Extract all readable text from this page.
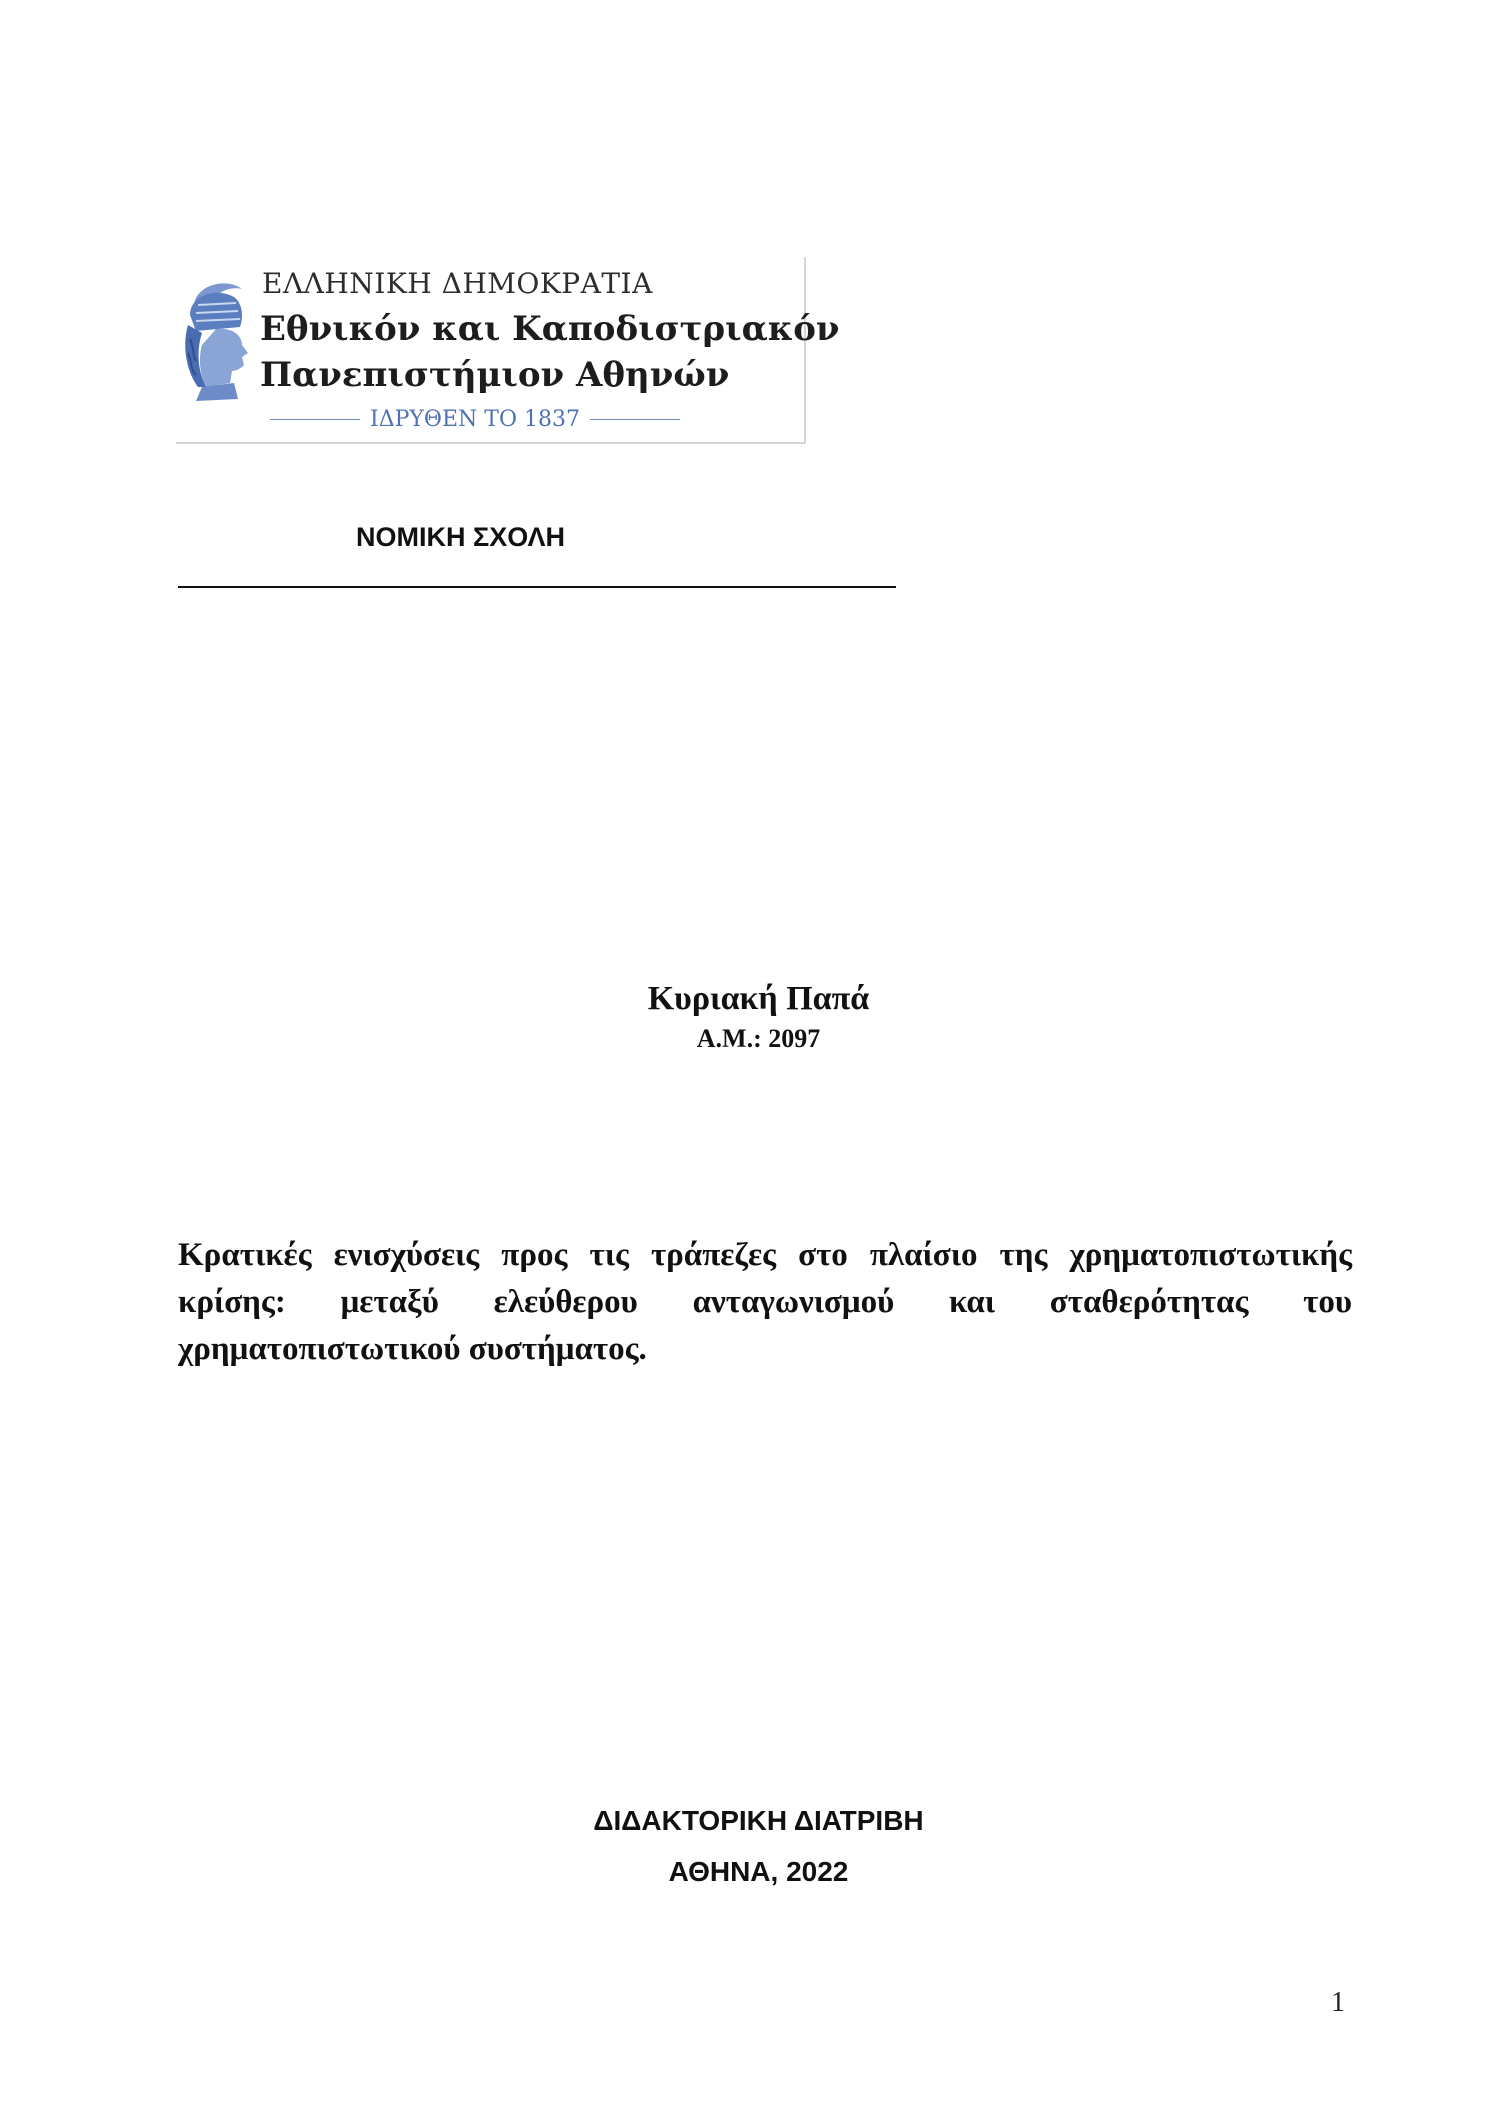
ΕΛΛΗΝΙΚΗ ΔΗΜΟΚΡΑΤΙΑ
Εθνικόν και Καποδιστριακόν
Πανεπιστήμιον Αθηνών
ΙΔΡΥΘΕΝ ΤΟ 1837
ΝΟΜΙΚΗ ΣΧΟΛΗ
Κυριακή Παπά
Α.Μ.: 2097
Κρατικές ενισχύσεις προς τις τράπεζες στο πλαίσιο της χρηματοπιστωτικής κρίσης: μεταξύ ελεύθερου ανταγωνισμού και σταθερότητας του χρηματοπιστωτικού συστήματος.
ΔΙΔΑΚΤΟΡΙΚΗ ΔΙΑΤΡΙΒΗ
ΑΘΗΝΑ, 2022
1
